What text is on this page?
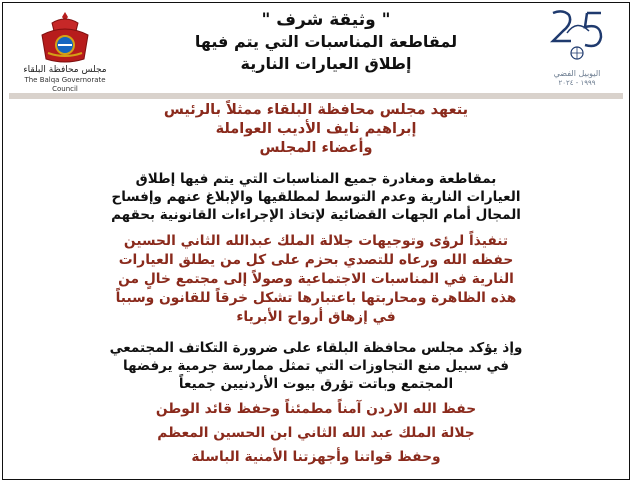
مجلس محافظة البلقاء
The Balqa Governorate Council
" وثيقة شرف "
لمقاطعة المناسبات التي يتم فيها
إطلاق العيارات النارية
اليوبيل الفضي
١٩٩٩ - ٢٠٢٤
يتعهد مجلس محافظة البلقاء ممثلاً بالرئيس
إبراهيم نايف الأديب العواملة
وأعضاء المجلس
بمقاطعة ومغادرة جميع المناسبات التي يتم فيها إطلاق
العيارات النارية وعدم التوسط لمطلقيها والإبلاغ عنهم وإفساح
المجال أمام الجهات القضائية لإتخاذ الإجراءات القانونية بحقهم
تنفيذاً لرؤى وتوجيهات جلالة الملك عبدالله الثاني الحسين
حفظه الله ورعاه للتصدي بحزم على كل من يطلق العيارات
النارية في المناسبات الاجتماعية وصولاً إلى مجتمع خالٍ من
هذه الظاهرة ومحاربتها باعتبارها تشكل خرقاً للقانون وسبباً
في إزهاق أرواح الأبرياء
وإذ يؤكد مجلس محافظة البلقاء على ضرورة التكاتف المجتمعي
في سبيل منع التجاوزات التي تمثل ممارسة جرمية يرفضها
المجتمع وباتت تؤرق بيوت الأردنيين جميعاً
حفظ الله الاردن آمناً مطمئناً وحفظ قائد الوطن
جلالة الملك عبد الله الثاني ابن الحسين المعظم
وحفظ قواتنا وأجهزتنا الأمنية الباسلة
